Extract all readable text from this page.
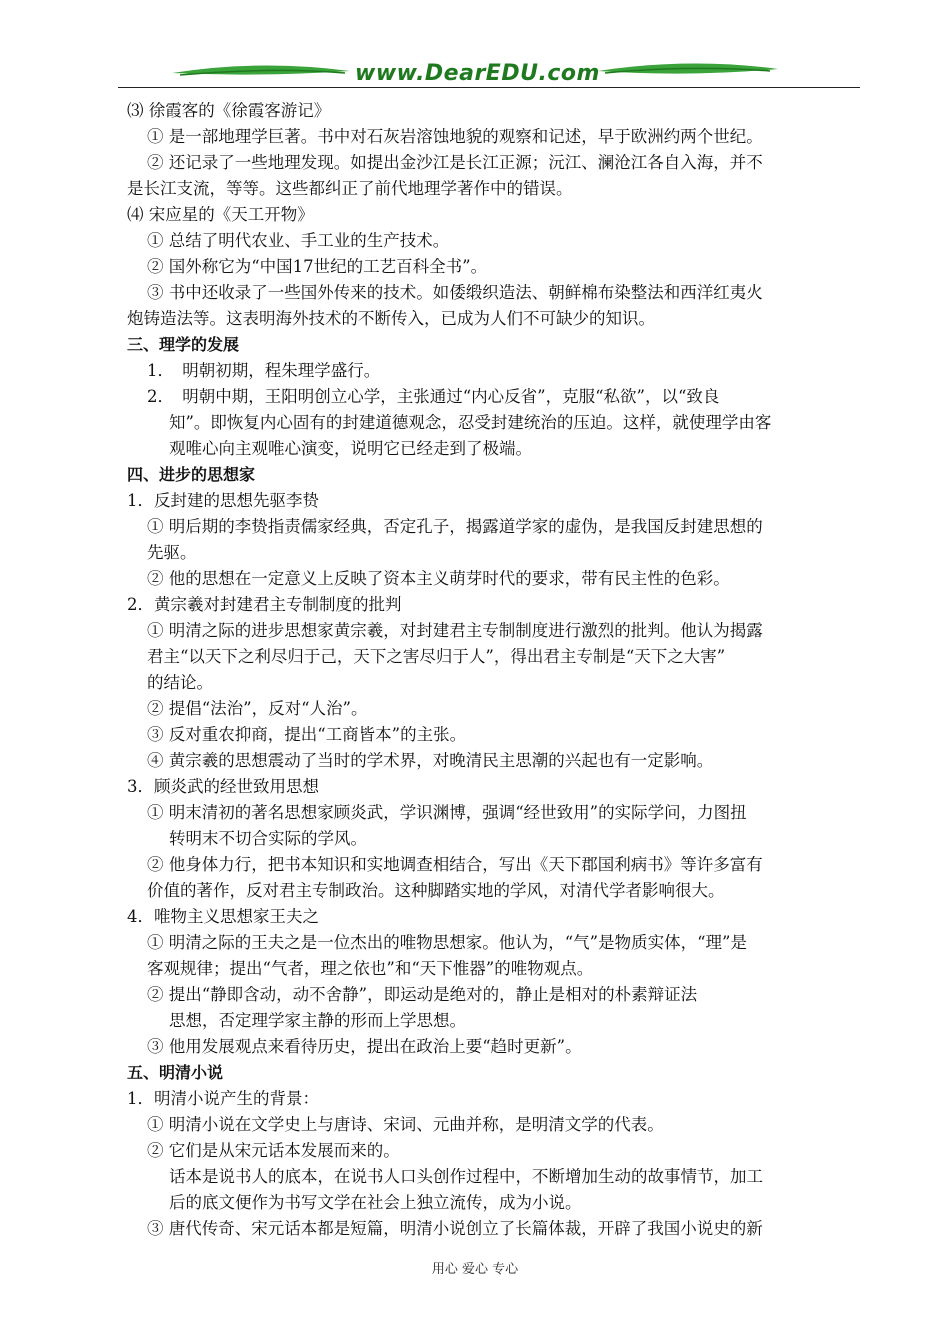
www.DearEDU.com
⑶ 徐霞客的《徐霞客游记》
① 是一部地理学巨著。书中对石灰岩溶蚀地貌的观察和记述，早于欧洲约两个世纪。
② 还记录了一些地理发现。如提出金沙江是长江正源；沅江、澜沧江各自入海，并不
是长江支流，等等。这些都纠正了前代地理学著作中的错误。
⑷ 宋应星的《天工开物》
① 总结了明代农业、手工业的生产技术。
② 国外称它为“中国17世纪的工艺百科全书”。
③ 书中还收录了一些国外传来的技术。如倭缎织造法、朝鲜棉布染整法和西洋红夷火
炮铸造法等。这表明海外技术的不断传入，已成为人们不可缺少的知识。
三、理学的发展
1．　明朝初期，程朱理学盛行。
2．　明朝中期，王阳明创立心学，主张通过“内心反省”，克服“私欲”，以“致良
知”。即恢复内心固有的封建道德观念，忍受封建统治的压迫。这样，就使理学由客
观唯心向主观唯心演变，说明它已经走到了极端。
四、进步的思想家
1．反封建的思想先驱李贽
① 明后期的李贽指责儒家经典，否定孔子，揭露道学家的虚伪，是我国反封建思想的
先驱。
② 他的思想在一定意义上反映了资本主义萌芽时代的要求，带有民主性的色彩。
2．黄宗羲对封建君主专制制度的批判
① 明清之际的进步思想家黄宗羲，对封建君主专制制度进行激烈的批判。他认为揭露
君主“以天下之利尽归于己，天下之害尽归于人”，得出君主专制是“天下之大害”
的结论。
② 提倡“法治”，反对“人治”。
③ 反对重农抑商，提出“工商皆本”的主张。
④ 黄宗羲的思想震动了当时的学术界，对晚清民主思潮的兴起也有一定影响。
3．顾炎武的经世致用思想
① 明末清初的著名思想家顾炎武，学识渊博，强调“经世致用”的实际学问，力图扭
转明末不切合实际的学风。
② 他身体力行，把书本知识和实地调查相结合，写出《天下郡国利病书》等许多富有
价值的著作，反对君主专制政治。这种脚踏实地的学风，对清代学者影响很大。
4．唯物主义思想家王夫之
① 明清之际的王夫之是一位杰出的唯物思想家。他认为，“气”是物质实体，“理”是
客观规律；提出“气者，理之依也”和“天下惟器”的唯物观点。
② 提出“静即含动，动不舍静”，即运动是绝对的，静止是相对的朴素辩证法
思想，否定理学家主静的形而上学思想。
③ 他用发展观点来看待历史，提出在政治上要“趋时更新”。
五、明清小说
1．明清小说产生的背景：
① 明清小说在文学史上与唐诗、宋词、元曲并称，是明清文学的代表。
② 它们是从宋元话本发展而来的。
话本是说书人的底本，在说书人口头创作过程中，不断增加生动的故事情节，加工
后的底文便作为书写文学在社会上独立流传，成为小说。
③ 唐代传奇、宋元话本都是短篇，明清小说创立了长篇体裁，开辟了我国小说史的新
用心 爱心 专心
